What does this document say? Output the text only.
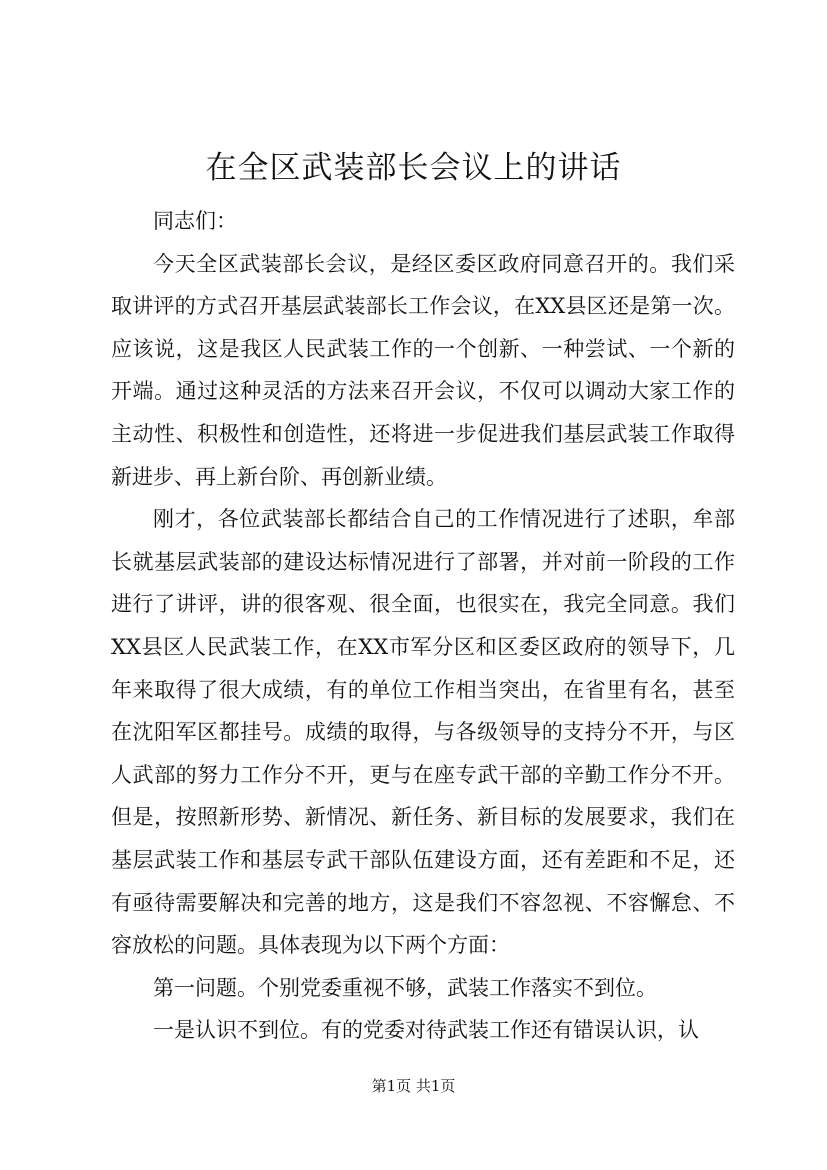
在全区武装部长会议上的讲话

同志们：

今天全区武装部长会议，是经区委区政府同意召开的。我们采取讲评的方式召开基层武装部长工作会议，在XX县区还是第一次。应该说，这是我区人民武装工作的一个创新、一种尝试、一个新的开端。通过这种灵活的方法来召开会议，不仅可以调动大家工作的主动性、积极性和创造性，还将进一步促进我们基层武装工作取得新进步、再上新台阶、再创新业绩。

刚才，各位武装部长都结合自己的工作情况进行了述职，牟部长就基层武装部的建设达标情况进行了部署，并对前一阶段的工作进行了讲评，讲的很客观、很全面，也很实在，我完全同意。我们XX县区人民武装工作，在XX市军分区和区委区政府的领导下，几年来取得了很大成绩，有的单位工作相当突出，在省里有名，甚至在沈阳军区都挂号。成绩的取得，与各级领导的支持分不开，与区人武部的努力工作分不开，更与在座专武干部的辛勤工作分不开。但是，按照新形势、新情况、新任务、新目标的发展要求，我们在基层武装工作和基层专武干部队伍建设方面，还有差距和不足，还有亟待需要解决和完善的地方，这是我们不容忽视、不容懈怠、不容放松的问题。具体表现为以下两个方面：

第一问题。个别党委重视不够，武装工作落实不到位。

一是认识不到位。有的党委对待武装工作还有错误认识，认

第1页 共1页
